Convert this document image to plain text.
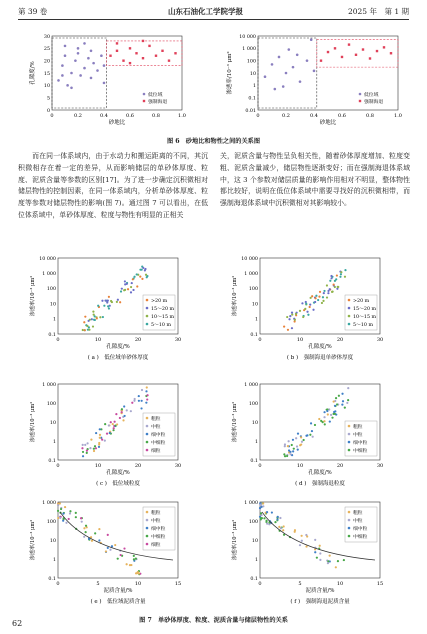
第 39 卷	山东石油化工学院学报	2025 年　第 1 期
0	0.2	0.4	0.6	0.8	1.0
0
5
10
15
20
25
30
砂地比
孔隙度/%
低位域
强制海退
0	0.2	0.4	0.6	0.8	1.0
0.01
0.1
1
10
100
1 000
10 000
砂地比
渗透率/10⁻³ μm²
低位域
强制海退
图 6　砂地比和物性之间的关系图
　　而在同一体系域内，由于水动力和搬运距离的不同，其沉积微相存在着一定的差异，从而影响储层的单砂体厚度、粒度、泥质含量等参数的区别[17]。为了进一步确定沉积微相对储层物性的控制因素，在同一体系域内，分析单砂体厚度、粒度等参数对储层物性的影响(图 7)。通过图 7 可以看出，在低位体系域中，单砂体厚度、粒度与物性有明显的正相关
关，泥质含量与物性呈负相关性，随着砂体厚度增加、粒度变粗、泥质含量减少，储层物性逐渐变好；而在强制海退体系域中，这 3 个参数对储层质量的影响作用相对不明显，整体物性都比较好，说明在低位体系域中需要寻找好的沉积微相带，而强制海退体系域中沉积微相对其影响较小。
0	10	20	30
0.1
1
10
100
1 000
10 000
孔隙度/%
渗透率/10⁻³ μm²
( a )　低位域单砂体厚度
>20 m
15～20 m
10～15 m
5～10 m
0	10	20	30
0.1
1
10
100
1 000
10 000
孔隙度/%
渗透率/10⁻³ μm²
( b )　强制海退单砂体厚度
>20 m
15～20 m
10～15 m
5～10 m
0	10	20	30
0.1
1
10
100
1 000
孔隙度/%
渗透率/10⁻³ μm²
( c )　低位域粒度
粗粒
中粒
细中粒
中细粒
细粒
0	10	20	30
0.1
1
10
100
1 000
孔隙度/%
渗透率/10⁻³ μm²
( d )　强制海退粒度
粗粒
中粒
细中粒
中细粒
0	5	10	15
0.1
1
10
100
1 000
泥质含量/%
渗透率/10⁻³ μm²
( e )　低位域泥质含量
粗粒
中粒
细中粒
中细粒
细粒
0	5	10	15
0.1
1
10
100
1 000
泥质含量/%
渗透率/10⁻³ μm²
( f )　强制海退泥质含量
粗粒
中粒
细中粒
中细粒
图 7　单砂体厚度、粒度、泥质含量与储层物性的关系
62
